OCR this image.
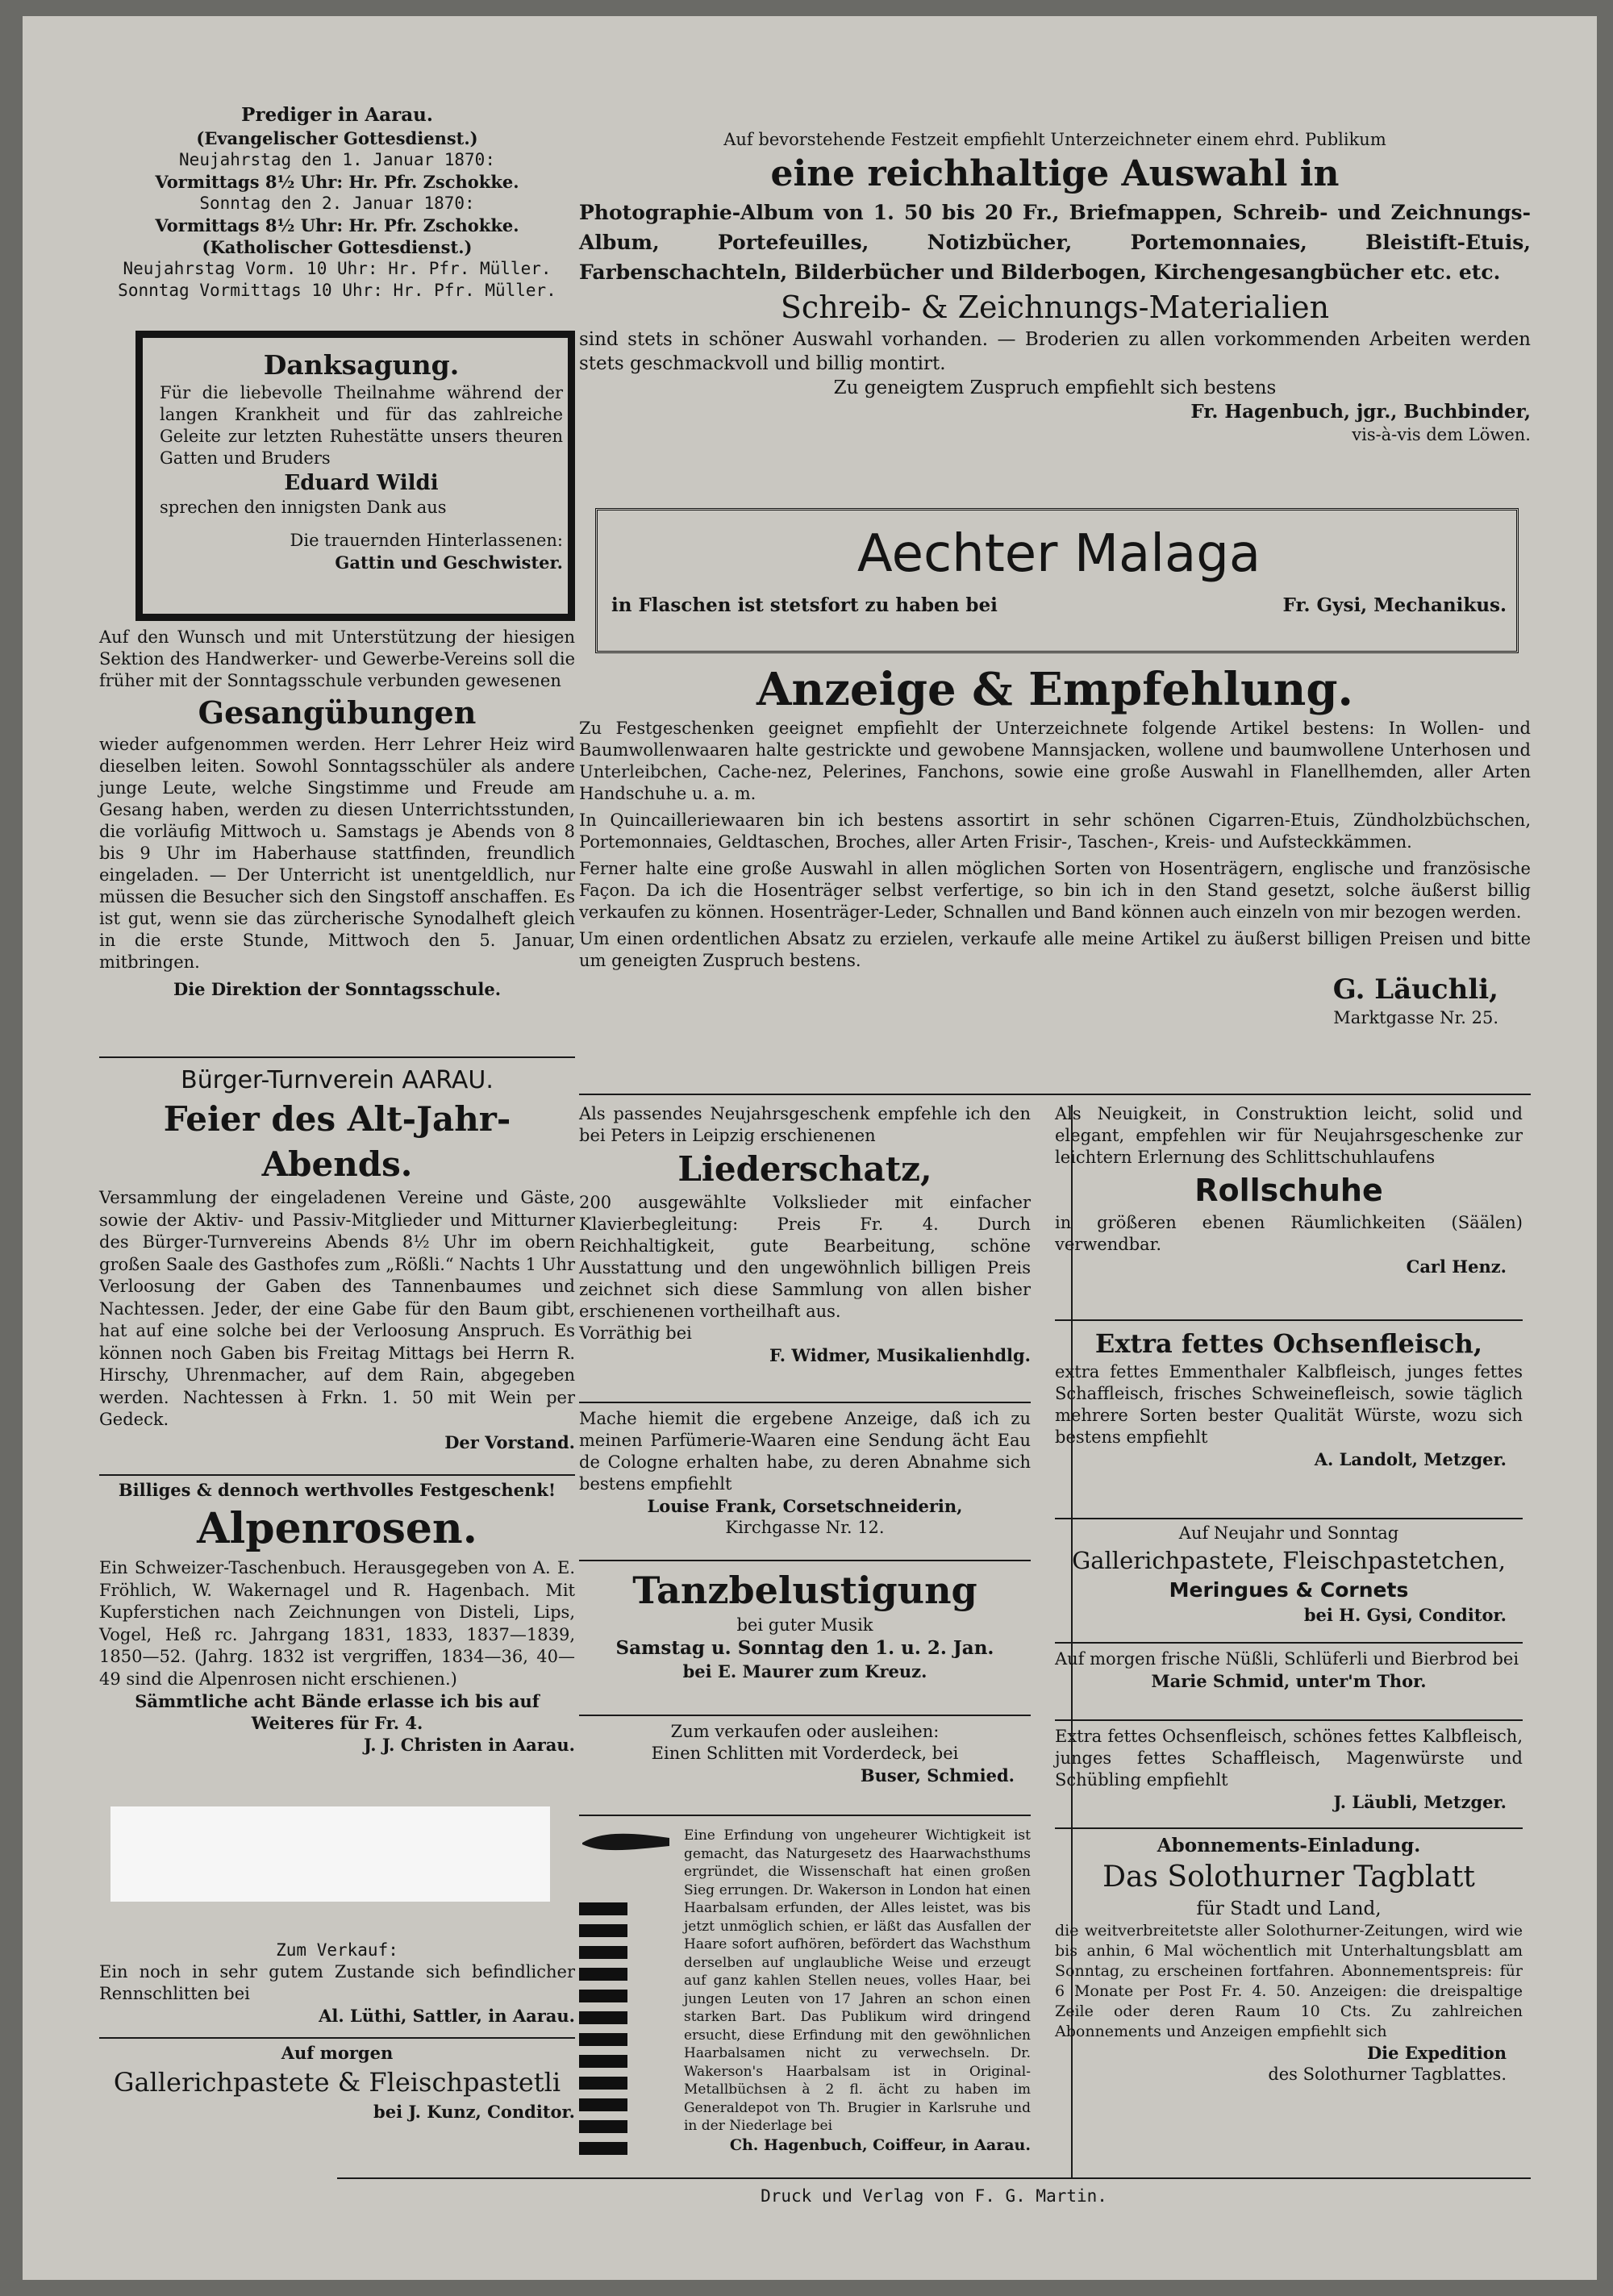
Prediger in Aarau.

(Evangelischer Gottesdienst.)

Neujahrstag den 1. Januar 1870:

Vormittags 8½ Uhr: Hr. Pfr. Zschokke.

Sonntag den 2. Januar 1870:

Vormittags 8½ Uhr: Hr. Pfr. Zschokke.

(Katholischer Gottesdienst.)

Neujahrstag Vorm. 10 Uhr: Hr. Pfr. Müller.

Sonntag Vormittags 10 Uhr: Hr. Pfr. Müller.

Danksagung.

Für die liebevolle Theilnahme während der langen Krankheit und für das zahlreiche Geleite zur letzten Ruhestätte unsers theuren Gatten und Bruders

Eduard Wildi

sprechen den innigsten Dank aus

Die trauernden Hinterlassenen:

Gattin und Geschwister.

Auf den Wunsch und mit Unterstützung der hiesigen Sektion des Handwerker- und Gewerbe-Vereins soll die früher mit der Sonntagsschule verbunden gewesenen

Gesangübungen

wieder aufgenommen werden. Herr Lehrer Heiz wird dieselben leiten. Sowohl Sonntagsschüler als andere junge Leute, welche Singstimme und Freude am Gesang haben, werden zu diesen Unterrichtsstunden, die vorläufig Mittwoch u. Samstags je Abends von 8 bis 9 Uhr im Haberhause stattfinden, freundlich eingeladen. — Der Unterricht ist unentgeldlich, nur müssen die Besucher sich den Singstoff anschaffen. Es ist gut, wenn sie das zürcherische Synodalheft gleich in die erste Stunde, Mittwoch den 5. Januar, mitbringen.

Die Direktion der Sonntagsschule.

Bürger-Turnverein AARAU.

Feier des Alt-Jahr-Abends.

Versammlung der eingeladenen Vereine und Gäste, sowie der Aktiv- und Passiv-Mitglieder und Mitturner des Bürger-Turnvereins Abends 8½ Uhr im obern großen Saale des Gasthofes zum „Rößli.“ Nachts 1 Uhr Verloosung der Gaben des Tannenbaumes und Nachtessen. Jeder, der eine Gabe für den Baum gibt, hat auf eine solche bei der Verloosung Anspruch. Es können noch Gaben bis Freitag Mittags bei Herrn R. Hirschy, Uhrenmacher, auf dem Rain, abgegeben werden. Nachtessen à Frkn. 1. 50 mit Wein per Gedeck.

Der Vorstand.

Billiges & dennoch werthvolles Festgeschenk!

Alpenrosen.

Ein Schweizer-Taschenbuch. Herausgegeben von A. E. Fröhlich, W. Wakernagel und R. Hagenbach. Mit Kupferstichen nach Zeichnungen von Disteli, Lips, Vogel, Heß rc. Jahrgang 1831, 1833, 1837—1839, 1850—52. (Jahrg. 1832 ist vergriffen, 1834—36, 40—49 sind die Alpenrosen nicht erschienen.)

Sämmtliche acht Bände erlasse ich bis auf Weiteres für Fr. 4.

J. J. Christen in Aarau.

Zum Verkauf:

Ein noch in sehr gutem Zustande sich befindlicher Rennschlitten bei

Al. Lüthi, Sattler, in Aarau.

Auf morgen

Gallerichpastete & Fleischpastetli

bei J. Kunz, Conditor.

Auf bevorstehende Festzeit empfiehlt Unterzeichneter einem ehrd. Publikum

eine reichhaltige Auswahl in

Photographie-Album von 1. 50 bis 20 Fr., Briefmappen, Schreib- und Zeichnungs-Album, Portefeuilles, Notizbücher, Portemonnaies, Bleistift-Etuis, Farbenschachteln, Bilderbücher und Bilderbogen, Kirchengesangbücher etc. etc.

Schreib- & Zeichnungs-Materialien

sind stets in schöner Auswahl vorhanden. — Broderien zu allen vorkommenden Arbeiten werden stets geschmackvoll und billig montirt.

Zu geneigtem Zuspruch empfiehlt sich bestens

Fr. Hagenbuch, jgr., Buchbinder,

vis-à-vis dem Löwen.

Aechter Malaga

in Flaschen ist stetsfort zu haben bei	Fr. Gysi, Mechanikus.

Anzeige & Empfehlung.

Zu Festgeschenken geeignet empfiehlt der Unterzeichnete folgende Artikel bestens: In Wollen- und Baumwollenwaaren halte gestrickte und gewobene Mannsjacken, wollene und baumwollene Unterhosen und Unterleibchen, Cache-nez, Pelerines, Fanchons, sowie eine große Auswahl in Flanellhemden, aller Arten Handschuhe u. a. m.

In Quincailleriewaaren bin ich bestens assortirt in sehr schönen Cigarren-Etuis, Zündholzbüchschen, Portemonnaies, Geldtaschen, Broches, aller Arten Frisir-, Taschen-, Kreis- und Aufsteckkämmen.

Ferner halte eine große Auswahl in allen möglichen Sorten von Hosenträgern, englische und französische Façon. Da ich die Hosenträger selbst verfertige, so bin ich in den Stand gesetzt, solche äußerst billig verkaufen zu können. Hosenträger-Leder, Schnallen und Band können auch einzeln von mir bezogen werden.

Um einen ordentlichen Absatz zu erzielen, verkaufe alle meine Artikel zu äußerst billigen Preisen und bitte um geneigten Zuspruch bestens.

G. Läuchli,

Marktgasse Nr. 25.

Als passendes Neujahrsgeschenk empfehle ich den bei Peters in Leipzig erschienenen

Liederschatz,

200 ausgewählte Volkslieder mit einfacher Klavierbegleitung: Preis Fr. 4. Durch Reichhaltigkeit, gute Bearbeitung, schöne Ausstattung und den ungewöhnlich billigen Preis zeichnet sich diese Sammlung von allen bisher erschienenen vortheilhaft aus.

Vorräthig bei

F. Widmer, Musikalienhdlg.

Mache hiemit die ergebene Anzeige, daß ich zu meinen Parfümerie-Waaren eine Sendung ächt Eau de Cologne erhalten habe, zu deren Abnahme sich bestens empfiehlt

Louise Frank, Corsetschneiderin,

Kirchgasse Nr. 12.

Tanzbelustigung

bei guter Musik

Samstag u. Sonntag den 1. u. 2. Jan.

bei E. Maurer zum Kreuz.

Zum verkaufen oder ausleihen:

Einen Schlitten mit Vorderdeck, bei

Buser, Schmied.

Eine Erfindung von ungeheurer Wichtigkeit ist gemacht, das Naturgesetz des Haarwachsthums ergründet, die Wissenschaft hat einen großen Sieg errungen. Dr. Wakerson in London hat einen Haarbalsam erfunden, der Alles leistet, was bis jetzt unmöglich schien, er läßt das Ausfallen der Haare sofort aufhören, befördert das Wachsthum derselben auf unglaubliche Weise und erzeugt auf ganz kahlen Stellen neues, volles Haar, bei jungen Leuten von 17 Jahren an schon einen starken Bart. Das Publikum wird dringend ersucht, diese Erfindung mit den gewöhnlichen Haarbalsamen nicht zu verwechseln. Dr. Wakerson's Haarbalsam ist in Original-Metallbüchsen à 2 fl. ächt zu haben im Generaldepot von Th. Brugier in Karlsruhe und in der Niederlage bei

Ch. Hagenbuch, Coiffeur, in Aarau.

Als Neuigkeit, in Construktion leicht, solid und elegant, empfehlen wir für Neujahrsgeschenke zur leichtern Erlernung des Schlittschuhlaufens

Rollschuhe

in größeren ebenen Räumlichkeiten (Säälen) verwendbar.

Carl Henz.

Extra fettes Ochsenfleisch,

extra fettes Emmenthaler Kalbfleisch, junges fettes Schaffleisch, frisches Schweinefleisch, sowie täglich mehrere Sorten bester Qualität Würste, wozu sich bestens empfiehlt

A. Landolt, Metzger.

Auf Neujahr und Sonntag

Gallerichpastete, Fleischpastetchen,

Meringues & Cornets

bei H. Gysi, Conditor.

Auf morgen frische Nüßli, Schlüferli und Bierbrod bei

Marie Schmid, unter'm Thor.

Extra fettes Ochsenfleisch, schönes fettes Kalbfleisch, junges fettes Schaffleisch, Magenwürste und Schübling empfiehlt

J. Läubli, Metzger.

Abonnements-Einladung.

Das Solothurner Tagblatt

für Stadt und Land,

die weitverbreitetste aller Solothurner-Zeitungen, wird wie bis anhin, 6 Mal wöchentlich mit Unterhaltungsblatt am Sonntag, zu erscheinen fortfahren. Abonnementspreis: für 6 Monate per Post Fr. 4. 50. Anzeigen: die dreispaltige Zeile oder deren Raum 10 Cts. Zu zahlreichen Abonnements und Anzeigen empfiehlt sich

Die Expedition

des Solothurner Tagblattes.

Druck und Verlag von F. G. Martin.
